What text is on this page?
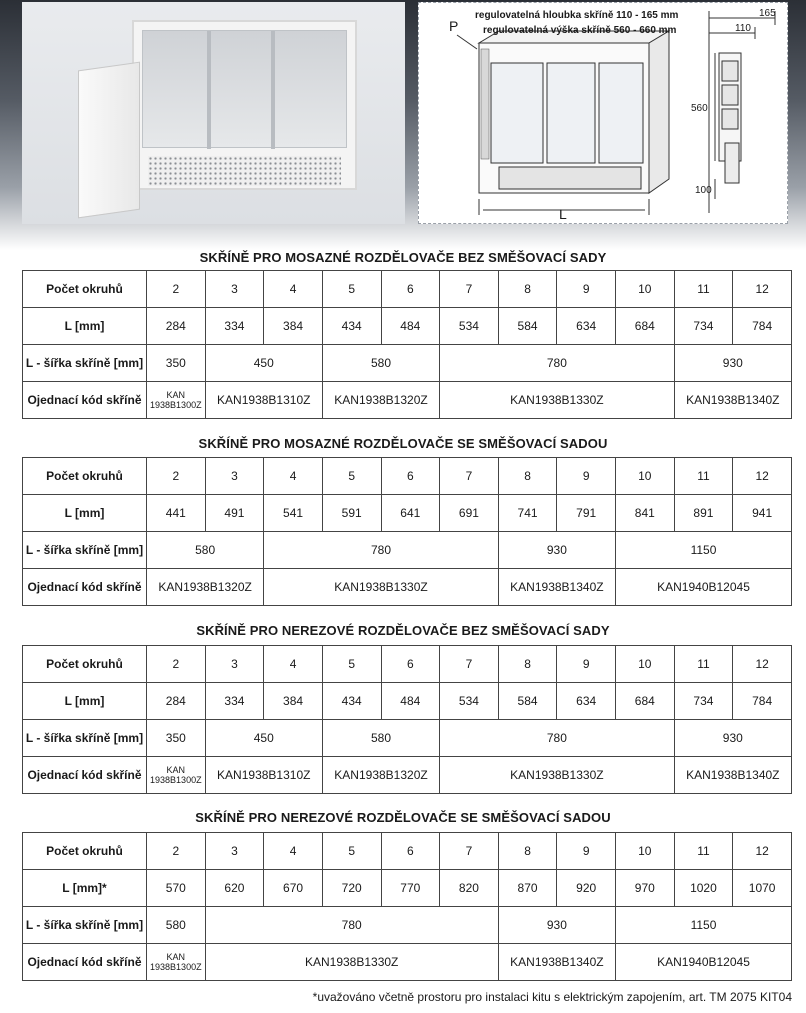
regulovatelná hloubka skříně 110 - 165 mm
regulovatelná výška skříně 560 - 660 mm
165
110
560
100
L
P
SKŘÍNĚ PRO MOSAZNÉ ROZDĚLOVAČE BEZ SMĚŠOVACÍ SADY
Počet okruhů	2	3	4	5	6	7	8	9	10	11	12
L [mm]	284	334	384	434	484	534	584	634	684	734	784
L - šířka skříně [mm]	350	450		580		780				930	
Ojednací kód skříně	KAN 1938B1300Z	KAN1938B1310Z		KAN1938B1320Z		KAN1938B1330Z				KAN1938B1340Z	
SKŘÍNĚ PRO MOSAZNÉ ROZDĚLOVAČE SE SMĚŠOVACÍ SADOU
Počet okruhů	2	3	4	5	6	7	8	9	10	11	12
L [mm]	441	491	541	591	641	691	741	791	841	891	941
L - šířka skříně [mm]	580		780				930		1150		
Ojednací kód skříně	KAN1938B1320Z		KAN1938B1330Z				KAN1938B1340Z		KAN1940B12045		
SKŘÍNĚ PRO NEREZOVÉ ROZDĚLOVAČE BEZ SMĚŠOVACÍ SADY
Počet okruhů	2	3	4	5	6	7	8	9	10	11	12
L [mm]	284	334	384	434	484	534	584	634	684	734	784
L - šířka skříně [mm]	350	450		580		780				930	
Ojednací kód skříně	KAN 1938B1300Z	KAN1938B1310Z		KAN1938B1320Z		KAN1938B1330Z				KAN1938B1340Z	
SKŘÍNĚ PRO NEREZOVÉ ROZDĚLOVAČE SE SMĚŠOVACÍ SADOU
Počet okruhů	2	3	4	5	6	7	8	9	10	11	12
L [mm]*	570	620	670	720	770	820	870	920	970	1020	1070
L - šířka skříně [mm]	580	780					930		1150		
Ojednací kód skříně	KAN 1938B1300Z	KAN1938B1330Z					KAN1938B1340Z		KAN1940B12045		
*uvažováno včetně prostoru pro instalaci kitu s elektrickým zapojením, art. TM 2075 KIT04
